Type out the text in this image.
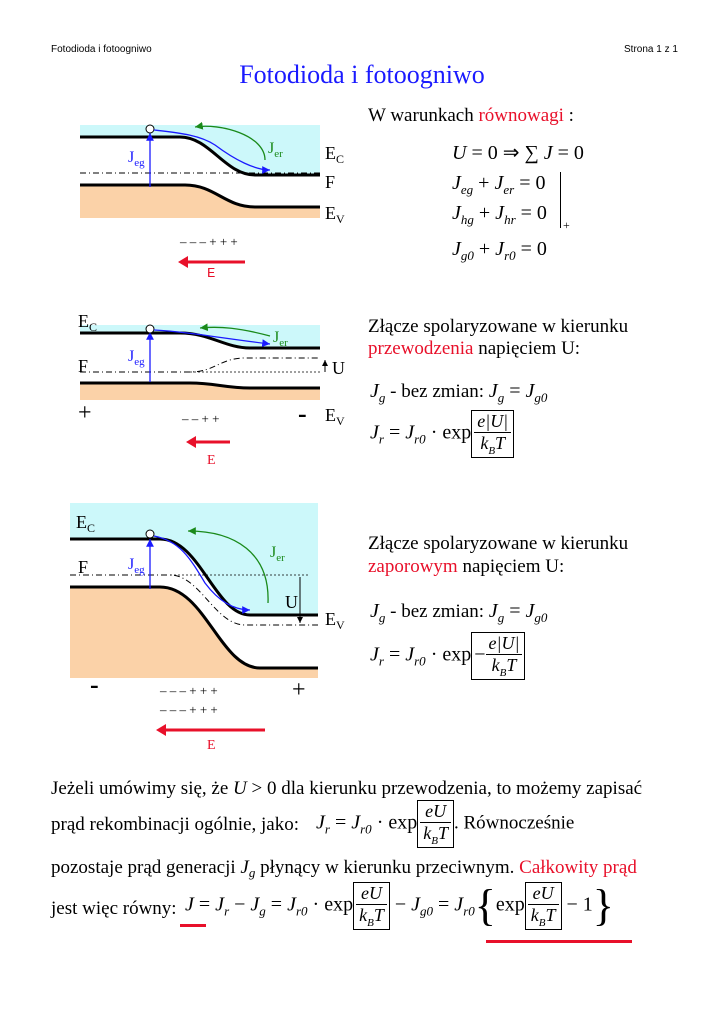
Fotodioda i fotoogniwo	Strona 1 z 1
Fotodioda i fotoogniwo
$J_{eg}$
$J_{er}$ $E_C$
F
$E_V$
– – – + + +
E
W warunkach równowagi :
U = 0 ⇒ ∑ J = 0
$J_{eg} + J_{er} = 0$
$J_{hg} + J_{hr} = 0$
+
$J_{g0} + J_{r0} = 0$
$E_C$
F $J_{eg}$
$J_{er}$
U
+	- $E_V$
– – + +
E
Złącze spolaryzowane w kierunku
przewodzenia napięciem U:
$J_g$ - bez zmian: $J_g = J_{g0}$
$J_r = J_{r0} \cdot \exp \frac{e|U|}{k_BT}$
$E_C$
F $J_{eg}$
$J_{er}$
U
$E_V$
-	+
– – – + + +
– – – + + +
E
Złącze spolaryzowane w kierunku
zaporowym napięciem U:
$J_g$ - bez zmian: $J_g = J_{g0}$
$J_r = J_{r0} \cdot \exp - \frac{e|U|}{k_BT}$
Jeżeli umówimy się, że U > 0 dla kierunku przewodzenia, to możemy zapisać
prąd rekombinacji ogólnie, jako: $J_r = J_{r0} \cdot \exp \frac{eU}{k_BT}$ . Równocześnie
pozostaje prąd generacji $J_g$ płynący w kierunku przeciwnym. Całkowity prąd
jest więc równy: $J = J_r - J_g = J_{r0} \cdot \exp \frac{eU}{k_BT} - J_{g0} = J_{r0}\{\exp \frac{eU}{k_BT} - 1\}$
